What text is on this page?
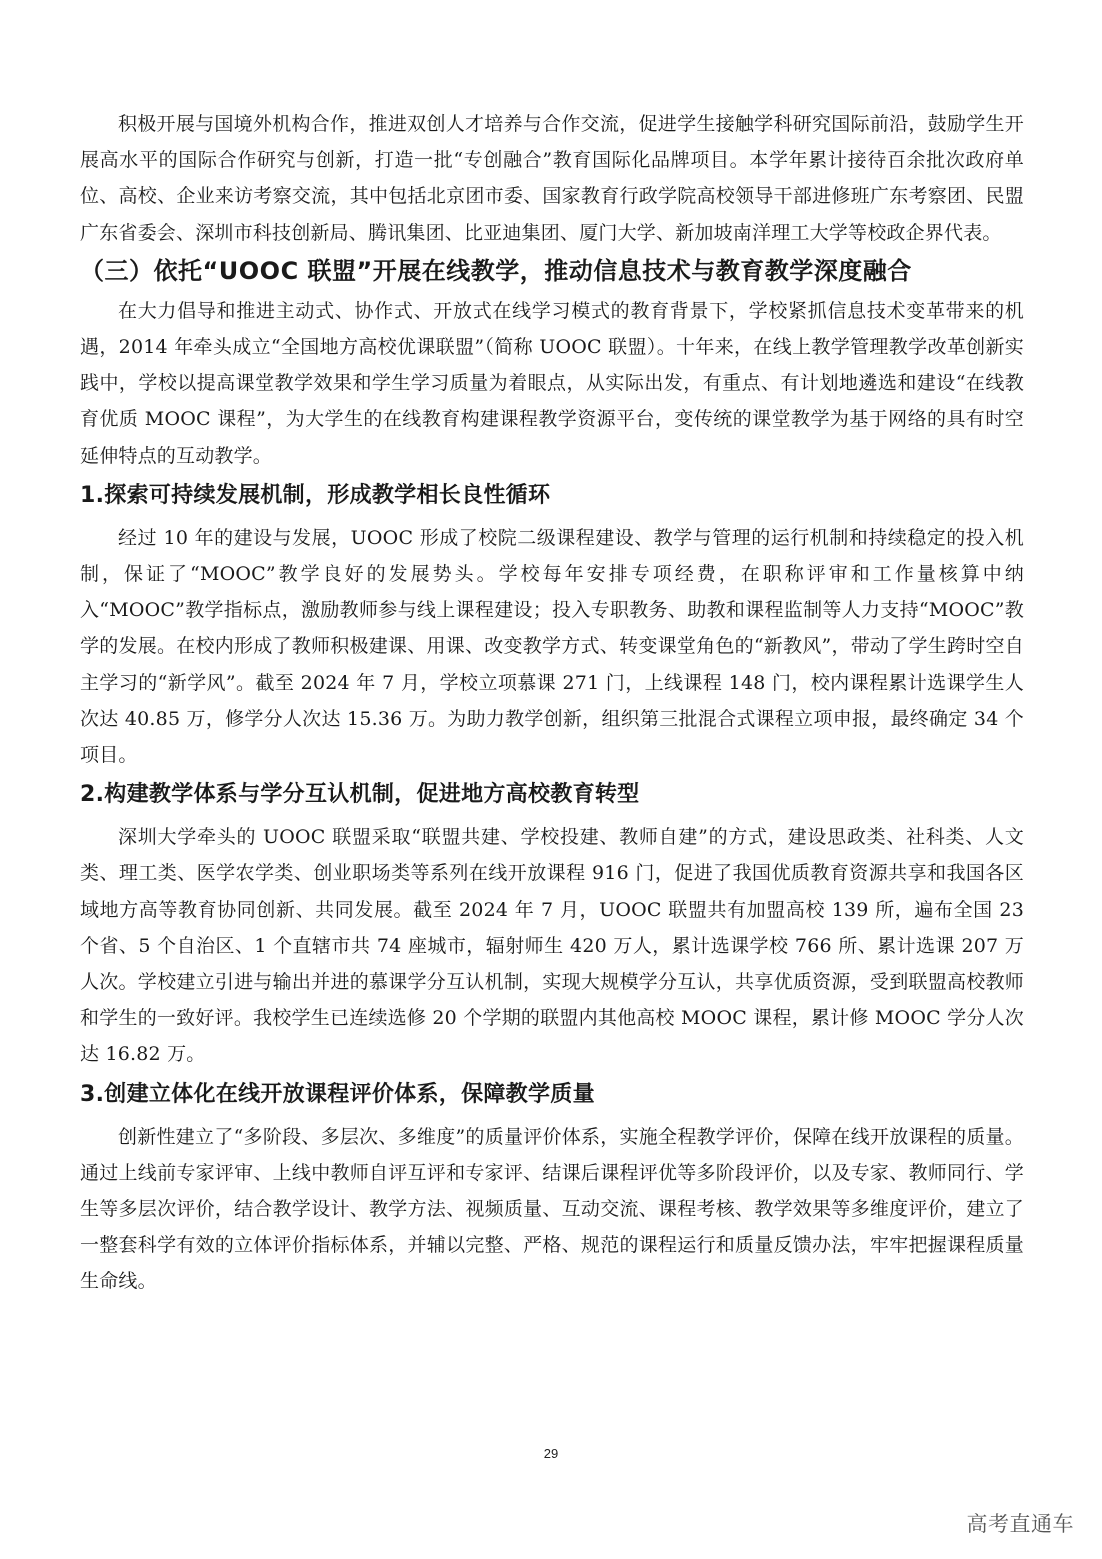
积极开展与国境外机构合作，推进双创人才培养与合作交流，促进学生接触学科研究国际前沿，鼓励学生开展高水平的国际合作研究与创新，打造一批“专创融合”教育国际化品牌项目。本学年累计接待百余批次政府单位、高校、企业来访考察交流，其中包括北京团市委、国家教育行政学院高校领导干部进修班广东考察团、民盟广东省委会、深圳市科技创新局、腾讯集团、比亚迪集团、厦门大学、新加坡南洋理工大学等校政企界代表。

（三）依托“UOOC 联盟”开展在线教学，推动信息技术与教育教学深度融合

在大力倡导和推进主动式、协作式、开放式在线学习模式的教育背景下，学校紧抓信息技术变革带来的机遇，2014 年牵头成立“全国地方高校优课联盟”（简称 UOOC 联盟）。十年来，在线上教学管理教学改革创新实践中，学校以提高课堂教学效果和学生学习质量为着眼点，从实际出发，有重点、有计划地遴选和建设“在线教育优质 MOOC 课程”，为大学生的在线教育构建课程教学资源平台，变传统的课堂教学为基于网络的具有时空延伸特点的互动教学。

1.探索可持续发展机制，形成教学相长良性循环

经过 10 年的建设与发展，UOOC 形成了校院二级课程建设、教学与管理的运行机制和持续稳定的投入机制，保证了“MOOC”教学良好的发展势头。学校每年安排专项经费，在职称评审和工作量核算中纳入“MOOC”教学指标点，激励教师参与线上课程建设；投入专职教务、助教和课程监制等人力支持“MOOC”教学的发展。在校内形成了教师积极建课、用课、改变教学方式、转变课堂角色的“新教风”，带动了学生跨时空自主学习的“新学风”。截至 2024 年 7 月，学校立项慕课 271 门，上线课程 148 门，校内课程累计选课学生人次达 40.85 万，修学分人次达 15.36 万。为助力教学创新，组织第三批混合式课程立项申报，最终确定 34 个项目。

2.构建教学体系与学分互认机制，促进地方高校教育转型

深圳大学牵头的 UOOC 联盟采取“联盟共建、学校投建、教师自建”的方式，建设思政类、社科类、人文类、理工类、医学农学类、创业职场类等系列在线开放课程 916 门，促进了我国优质教育资源共享和我国各区域地方高等教育协同创新、共同发展。截至 2024 年 7 月，UOOC 联盟共有加盟高校 139 所，遍布全国 23 个省、5 个自治区、1 个直辖市共 74 座城市，辐射师生 420 万人，累计选课学校 766 所、累计选课 207 万人次。学校建立引进与输出并进的慕课学分互认机制，实现大规模学分互认，共享优质资源，受到联盟高校教师和学生的一致好评。我校学生已连续选修 20 个学期的联盟内其他高校 MOOC 课程，累计修 MOOC 学分人次达 16.82 万。

3.创建立体化在线开放课程评价体系，保障教学质量

创新性建立了“多阶段、多层次、多维度”的质量评价体系，实施全程教学评价，保障在线开放课程的质量。通过上线前专家评审、上线中教师自评互评和专家评、结课后课程评优等多阶段评价，以及专家、教师同行、学生等多层次评价，结合教学设计、教学方法、视频质量、互动交流、课程考核、教学效果等多维度评价，建立了一整套科学有效的立体评价指标体系，并辅以完整、严格、规范的课程运行和质量反馈办法，牢牢把握课程质量生命线。

29
高考直通车
